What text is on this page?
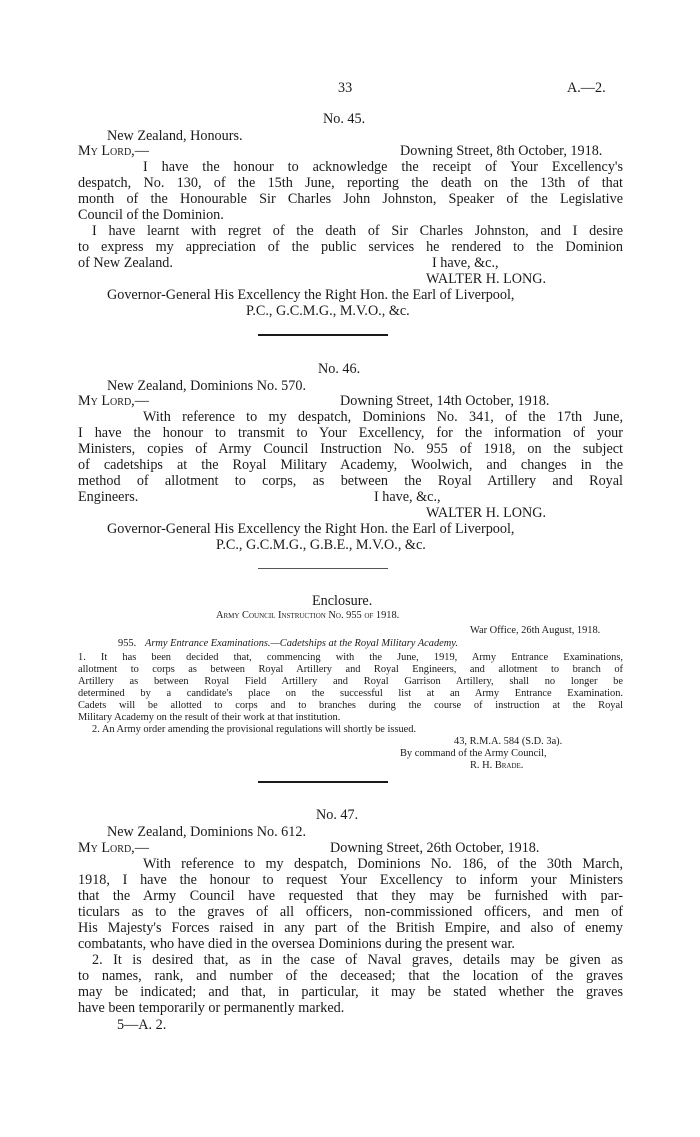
33	A.—2.
No. 45.
New Zealand, Honours.
My Lord,—	Downing Street, 8th October, 1918.
I have the honour to acknowledge the receipt of Your Excellency's
despatch, No. 130, of the 15th June, reporting the death on the 13th of that
month of the Honourable Sir Charles John Johnston, Speaker of the Legislative
Council of the Dominion.
I have learnt with regret of the death of Sir Charles Johnston, and I desire
to express my appreciation of the public services he rendered to the Dominion
of New Zealand.	I have, &c.,
WALTER H. LONG.
Governor-General His Excellency the Right Hon. the Earl of Liverpool,
P.C., G.C.M.G., M.V.O., &c.
No. 46.
New Zealand, Dominions No. 570.
My Lord,—	Downing Street, 14th October, 1918.
With reference to my despatch, Dominions No. 341, of the 17th June,
I have the honour to transmit to Your Excellency, for the information of your
Ministers, copies of Army Council Instruction No. 955 of 1918, on the subject
of cadetships at the Royal Military Academy, Woolwich, and changes in the
method of allotment to corps, as between the Royal Artillery and Royal
Engineers.	I have, &c.,
WALTER H. LONG.
Governor-General His Excellency the Right Hon. the Earl of Liverpool,
P.C., G.C.M.G., G.B.E., M.V.O., &c.
Enclosure.
Army Council Instruction No. 955 of 1918.
War Office, 26th August, 1918.
955. Army Entrance Examinations.—Cadetships at the Royal Military Academy.
1. It has been decided that, commencing with the June, 1919, Army Entrance Examinations,
allotment to corps as between Royal Artillery and Royal Engineers, and allotment to branch of
Artillery as between Royal Field Artillery and Royal Garrison Artillery, shall no longer be
determined by a candidate's place on the successful list at an Army Entrance Examination.
Cadets will be allotted to corps and to branches during the course of instruction at the Royal
Military Academy on the result of their work at that institution.
2. An Army order amending the provisional regulations will shortly be issued.
43, R.M.A. 584 (S.D. 3a).
By command of the Army Council,
R. H. Brade.
No. 47.
New Zealand, Dominions No. 612.
My Lord,—	Downing Street, 26th October, 1918.
With reference to my despatch, Dominions No. 186, of the 30th March,
1918, I have the honour to request Your Excellency to inform your Ministers
that the Army Council have requested that they may be furnished with par-
ticulars as to the graves of all officers, non-commissioned officers, and men of
His Majesty's Forces raised in any part of the British Empire, and also of enemy
combatants, who have died in the oversea Dominions during the present war.
2. It is desired that, as in the case of Naval graves, details may be given as
to names, rank, and number of the deceased; that the location of the graves
may be indicated; and that, in particular, it may be stated whether the graves
have been temporarily or permanently marked.
5—A. 2.
